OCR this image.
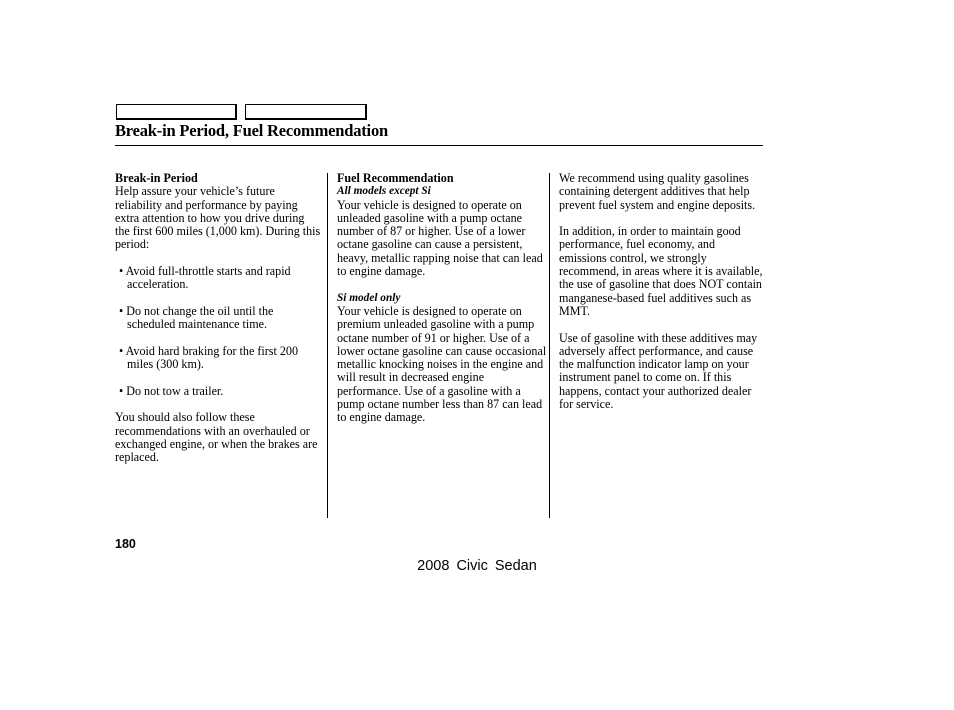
Break-in Period, Fuel Recommendation
Break-in Period

Help assure your vehicle’s future reliability and performance by paying extra attention to how you drive during the first 600 miles (1,000 km). During this period:

• Avoid full-throttle starts and rapid acceleration.

• Do not change the oil until the scheduled maintenance time.

• Avoid hard braking for the first 200 miles (300 km).

• Do not tow a trailer.

You should also follow these recommendations with an overhauled or exchanged engine, or when the brakes are replaced.

Fuel Recommendation
All models except Si

Your vehicle is designed to operate on unleaded gasoline with a pump octane number of 87 or higher. Use of a lower octane gasoline can cause a persistent, heavy, metallic rapping noise that can lead to engine damage.

Si model only

Your vehicle is designed to operate on premium unleaded gasoline with a pump octane number of 91 or higher. Use of a lower octane gasoline can cause occasional metallic knocking noises in the engine and will result in decreased engine performance. Use of a gasoline with a pump octane number less than 87 can lead to engine damage.

We recommend using quality gasolines containing detergent additives that help prevent fuel system and engine deposits.

In addition, in order to maintain good performance, fuel economy, and emissions control, we strongly recommend, in areas where it is available, the use of gasoline that does NOT contain manganese-based fuel additives such as MMT.

Use of gasoline with these additives may adversely affect performance, and cause the malfunction indicator lamp on your instrument panel to come on. If this happens, contact your authorized dealer for service.

180
2008 Civic Sedan
